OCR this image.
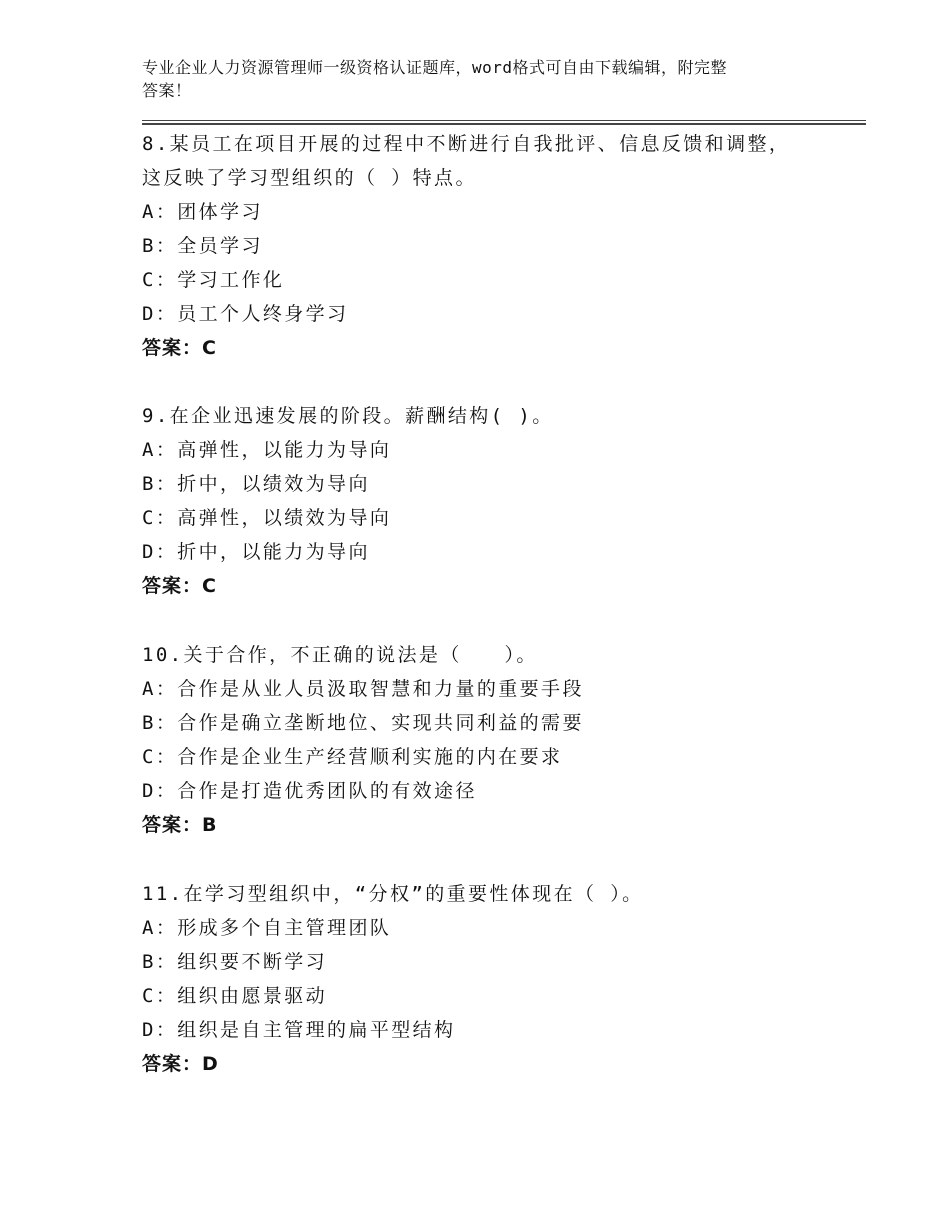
专业企业人力资源管理师一级资格认证题库，word格式可自由下载编辑，附完整
答案！
8.某员工在项目开展的过程中不断进行自我批评、信息反馈和调整，
这反映了学习型组织的（ ）特点。
A：团体学习
B：全员学习
C：学习工作化
D：员工个人终身学习
答案：C
9.在企业迅速发展的阶段。薪酬结构( )。
A：高弹性，以能力为导向
B：折中，以绩效为导向
C：高弹性，以绩效为导向
D：折中，以能力为导向
答案：C
10.关于合作，不正确的说法是（　　）。
A：合作是从业人员汲取智慧和力量的重要手段
B：合作是确立垄断地位、实现共同利益的需要
C：合作是企业生产经营顺利实施的内在要求
D：合作是打造优秀团队的有效途径
答案：B
11.在学习型组织中，“分权”的重要性体现在（ ）。
A：形成多个自主管理团队
B：组织要不断学习
C：组织由愿景驱动
D：组织是自主管理的扁平型结构
答案：D
